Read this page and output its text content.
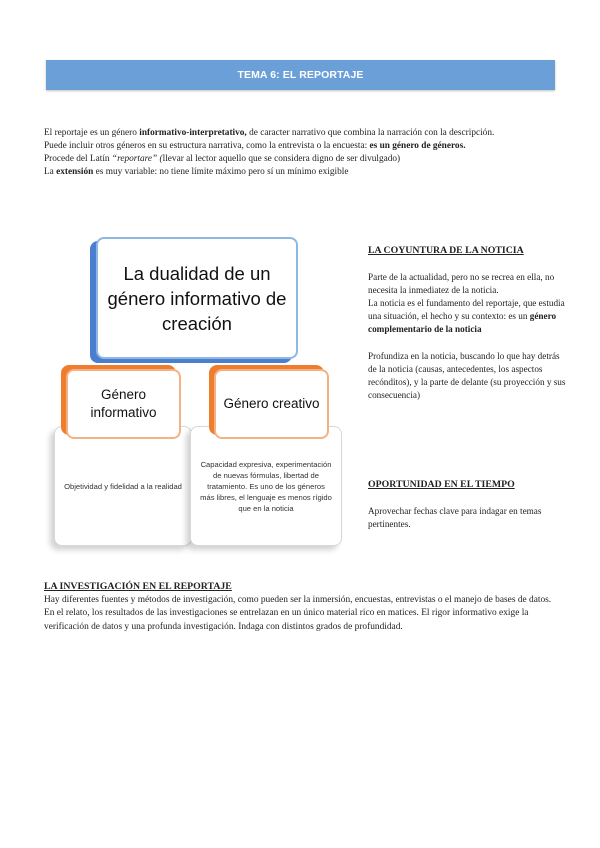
TEMA 6: EL REPORTAJE

El reportaje es un género informativo-interpretativo, de caracter narrativo que combina la narración con la descripción.

Puede incluir otros géneros en su estructura narrativa, como la entrevista o la encuesta: es un género de géneros.

Procede del Latín “reportare” (llevar al lector aquello que se considera digno de ser divulgado)

La extensión es muy variable: no tiene límite máximo pero sí un mínimo exigible

La dualidad de un género informativo de creación
Objetividad y fidelidad a la realidad
Capacidad expresiva, experimentación de nuevas fórmulas, libertad de tratamiento. Es uno de los géneros más libres, el lenguaje es menos rígido que en la noticia
Género informativo
Género creativo
LA COYUNTURA DE LA NOTICIA

Parte de la actualidad, pero no se recrea en ella, no necesita la inmediatez de la noticia.

La noticia es el fundamento del reportaje, que estudia una situación, el hecho y su contexto: es un género complementario de la noticia

Profundiza en la noticia, buscando lo que hay detrás de la noticia (causas, antecedentes, los aspectos recónditos), y la parte de delante (su proyección y sus consecuencia)

OPORTUNIDAD EN EL TIEMPO

Aprovechar fechas clave para indagar en temas pertinentes.

LA INVESTIGACIÓN EN EL REPORTAJE

Hay diferentes fuentes y métodos de investigación, como pueden ser la inmersión, encuestas, entrevistas o el manejo de bases de datos.

En el relato, los resultados de las investigaciones se entrelazan en un único material rico en matices. El rigor informativo exige la verificación de datos y una profunda investigación. Indaga con distintos grados de profundidad.
